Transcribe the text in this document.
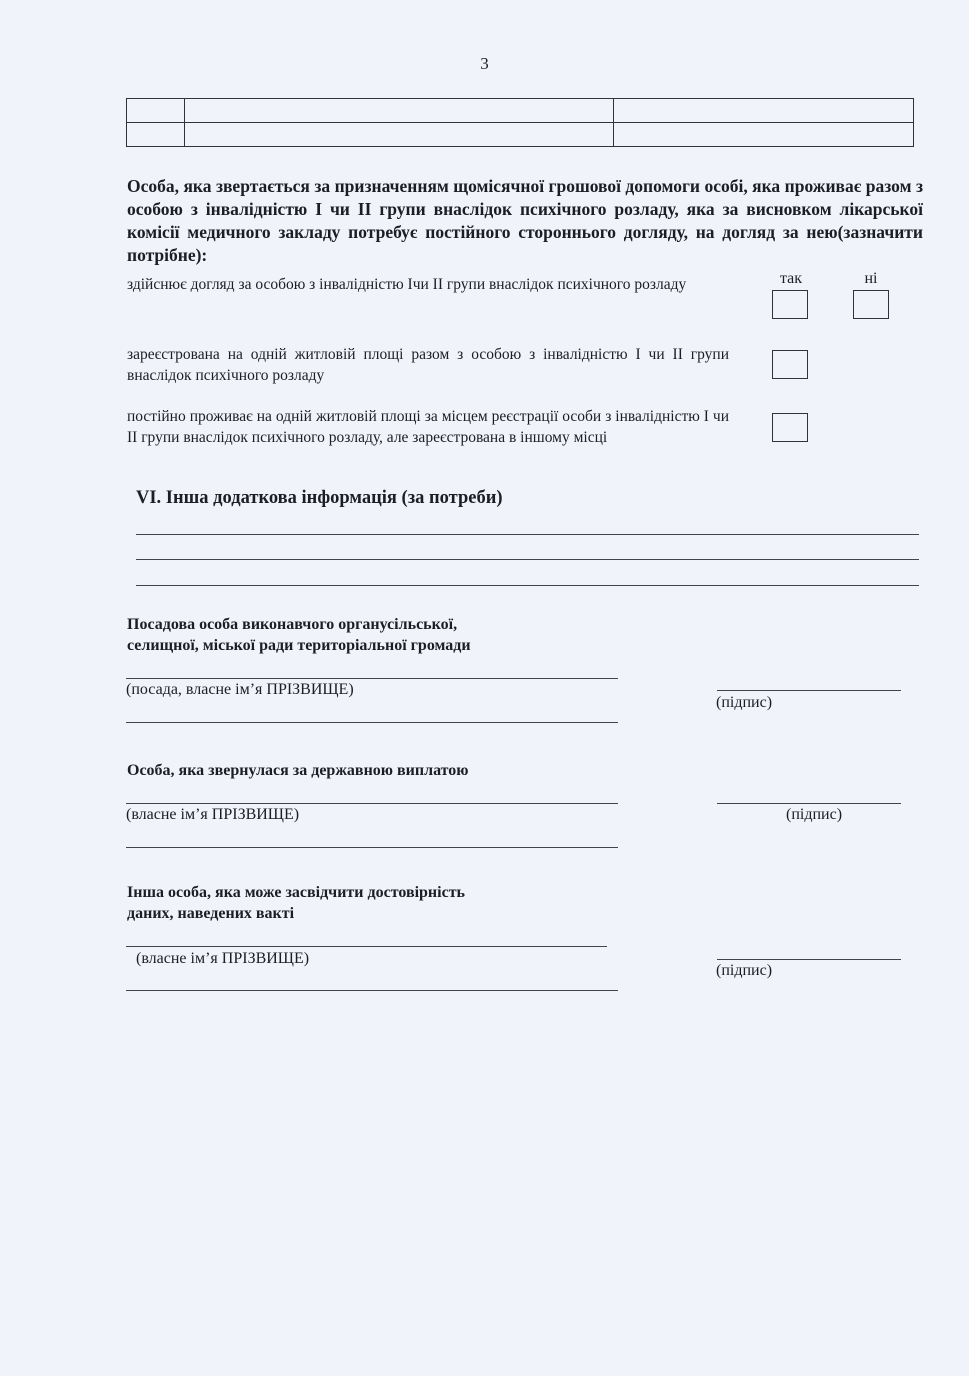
3

Особа, яка звертається за призначенням щомісячної грошової допомоги особі, яка проживає разом з особою з інвалідністю I чи II групи внаслідок психічного розладу, яка за висновком лікарської комісії медичного закладу потребує постійного стороннього догляду, на догляд за нею(зазначити потрібне):
так	ні
здійснює догляд за особою з інвалідністю Iчи II групи внаслідок психічного розладу
зареєстрована на одній житловій площі разом з особою з інвалідністю I чи II групи внаслідок психічного розладу
постійно проживає на одній житловій площі за місцем реєстрації особи з інвалідністю I чи II групи внаслідок психічного розладу, але зареєстрована в іншому місці
VI. Інша додаткова інформація (за потреби)
Посадова особа виконавчого органусільської,
селищної, міської ради територіальної громади
(посада, власне ім’я ПРІЗВИЩЕ)
(підпис)
Особа, яка звернулася за державною виплатою
(власне ім’я ПРІЗВИЩЕ)	(підпис)
Інша особа, яка може засвідчити достовірність
даних, наведених вакті
(власне ім’я ПРІЗВИЩЕ)
(підпис)
